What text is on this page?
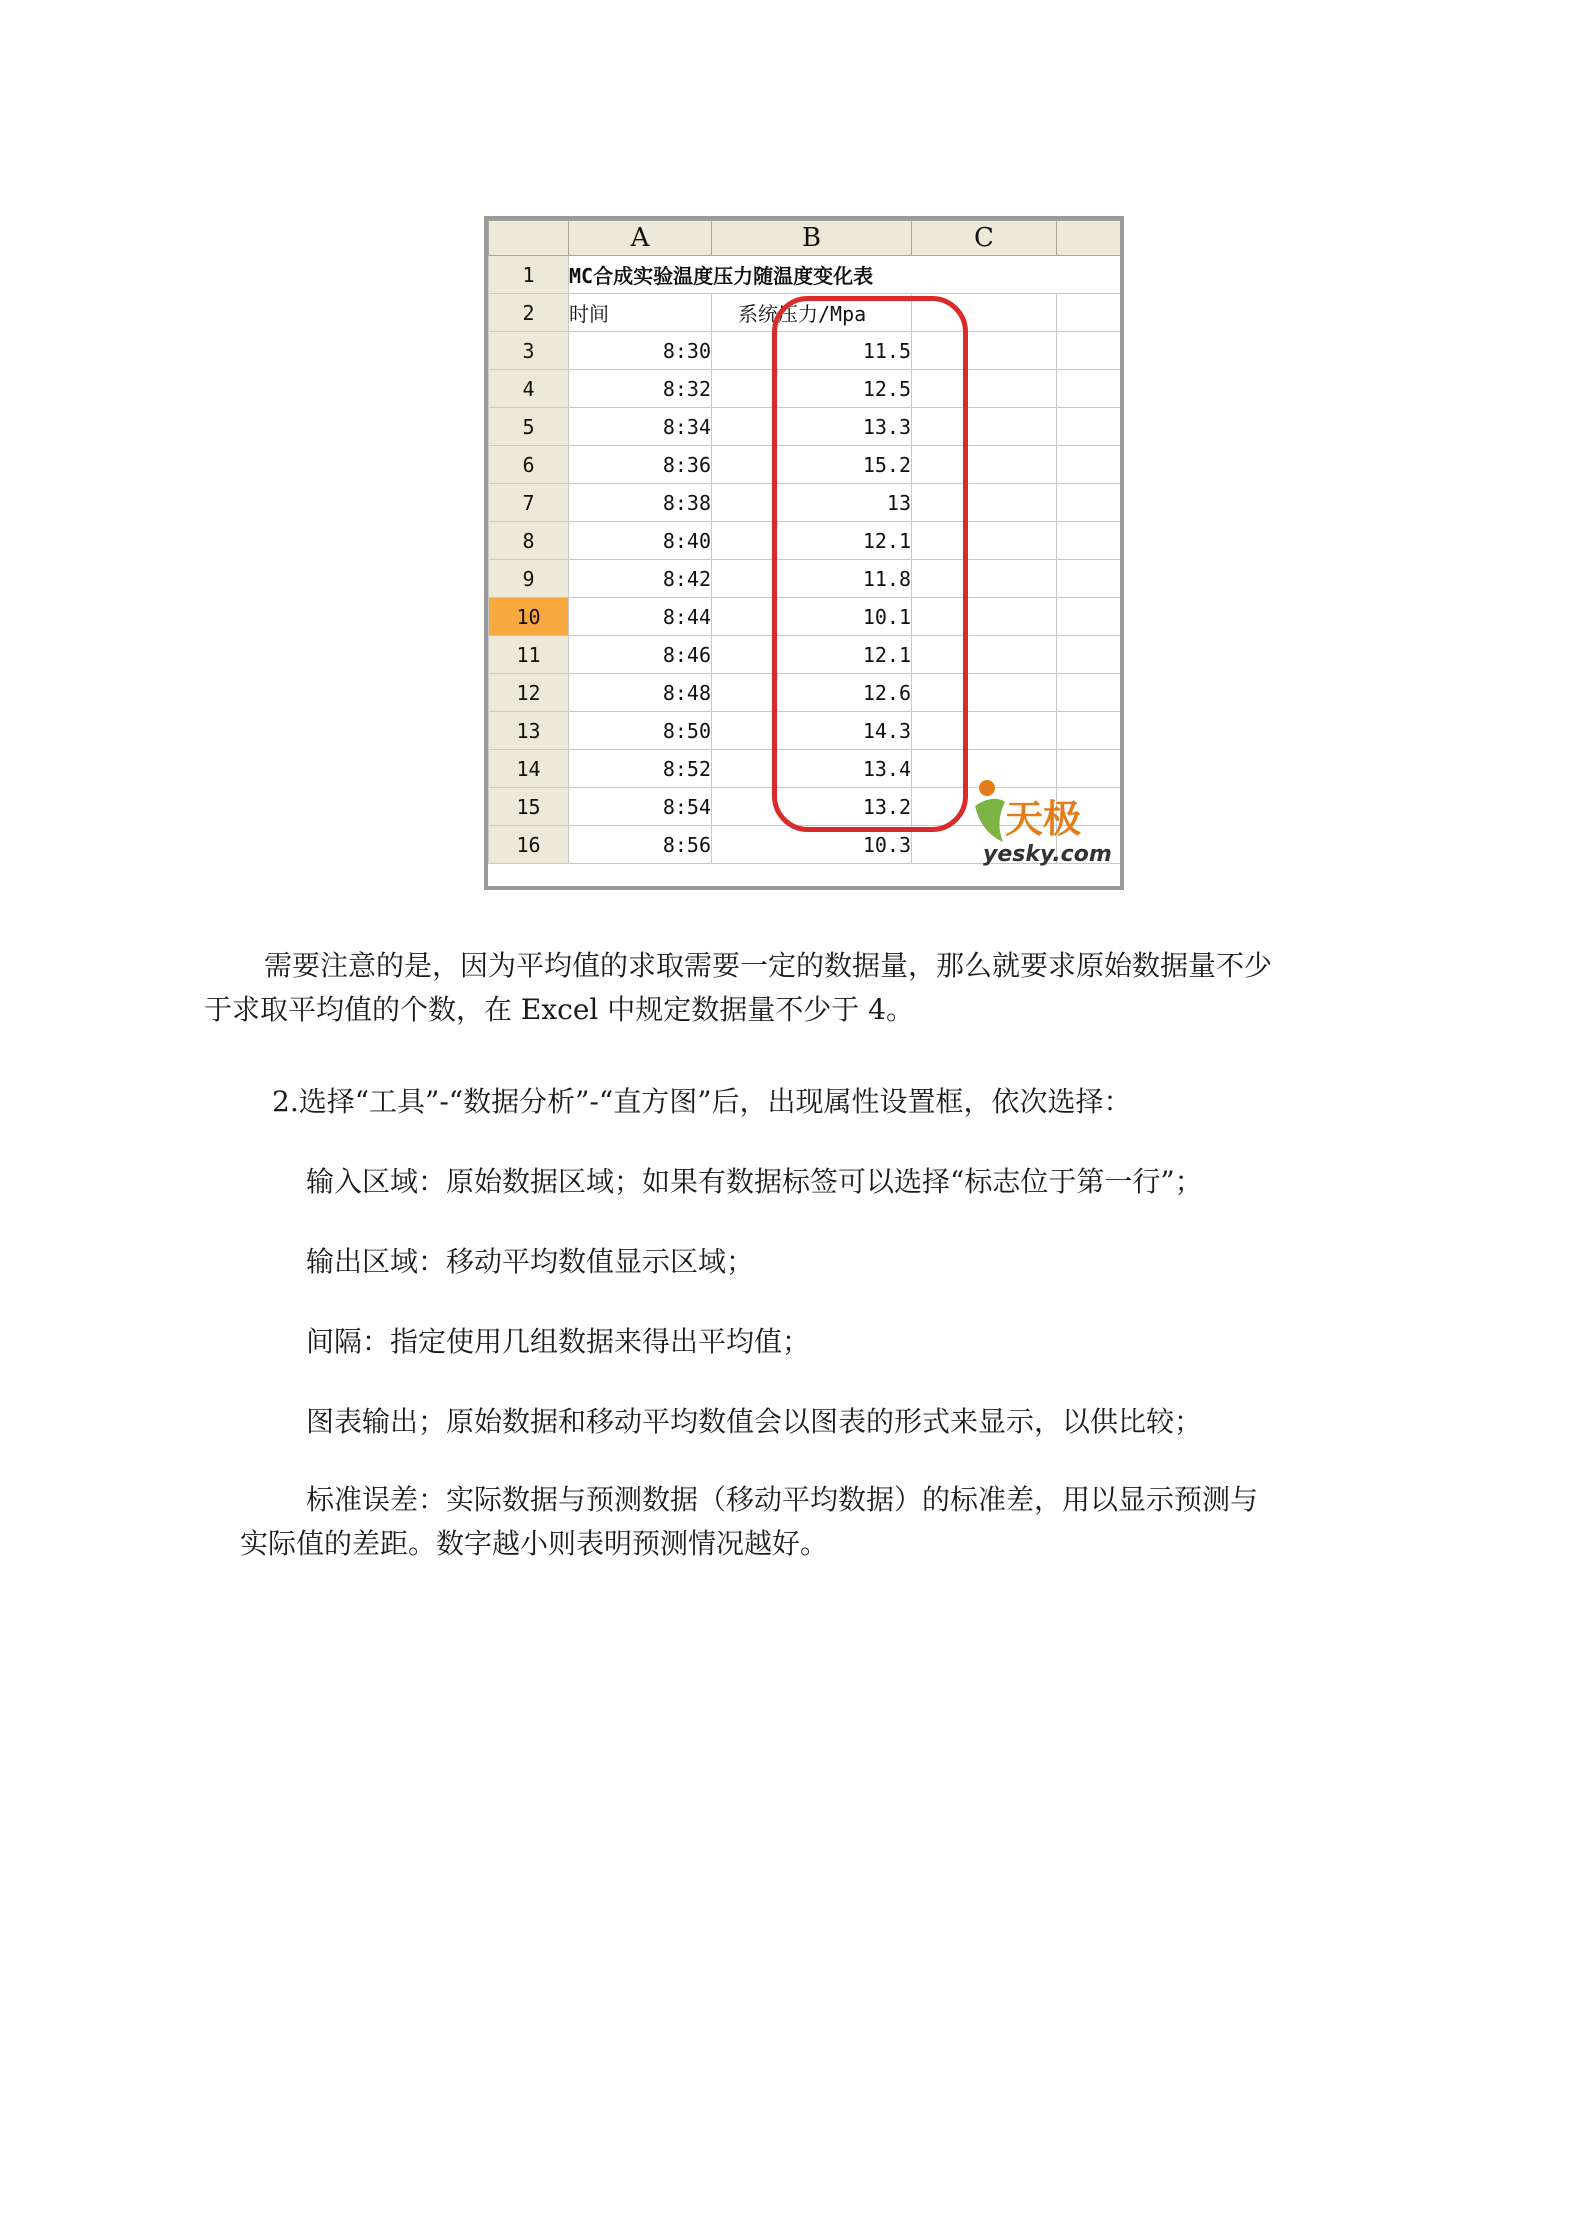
	A	B	C	
1	MC合成实验温度压力随温度变化表			
2	时间	系统压力/Mpa		
3	8:30	11.5		
4	8:32	12.5		
5	8:34	13.3		
6	8:36	15.2		
7	8:38	13		
8	8:40	12.1		
9	8:42	11.8		
10	8:44	10.1		
11	8:46	12.1		
12	8:48	12.6		
13	8:50	14.3		
14	8:52	13.4		
15	8:54	13.2		
16	8:56	10.3		
天极
yesky.com

需要注意的是，因为平均值的求取需要一定的数据量，那么就要求原始数据量不少

于求取平均值的个数，在 Excel 中规定数据量不少于 4。

2.选择“工具”-“数据分析”-“直方图”后，出现属性设置框，依次选择：

输入区域：原始数据区域；如果有数据标签可以选择“标志位于第一行”；

输出区域：移动平均数值显示区域；

间隔：指定使用几组数据来得出平均值；

图表输出；原始数据和移动平均数值会以图表的形式来显示，以供比较；

标准误差：实际数据与预测数据（移动平均数据）的标准差，用以显示预测与

实际值的差距。数字越小则表明预测情况越好。
